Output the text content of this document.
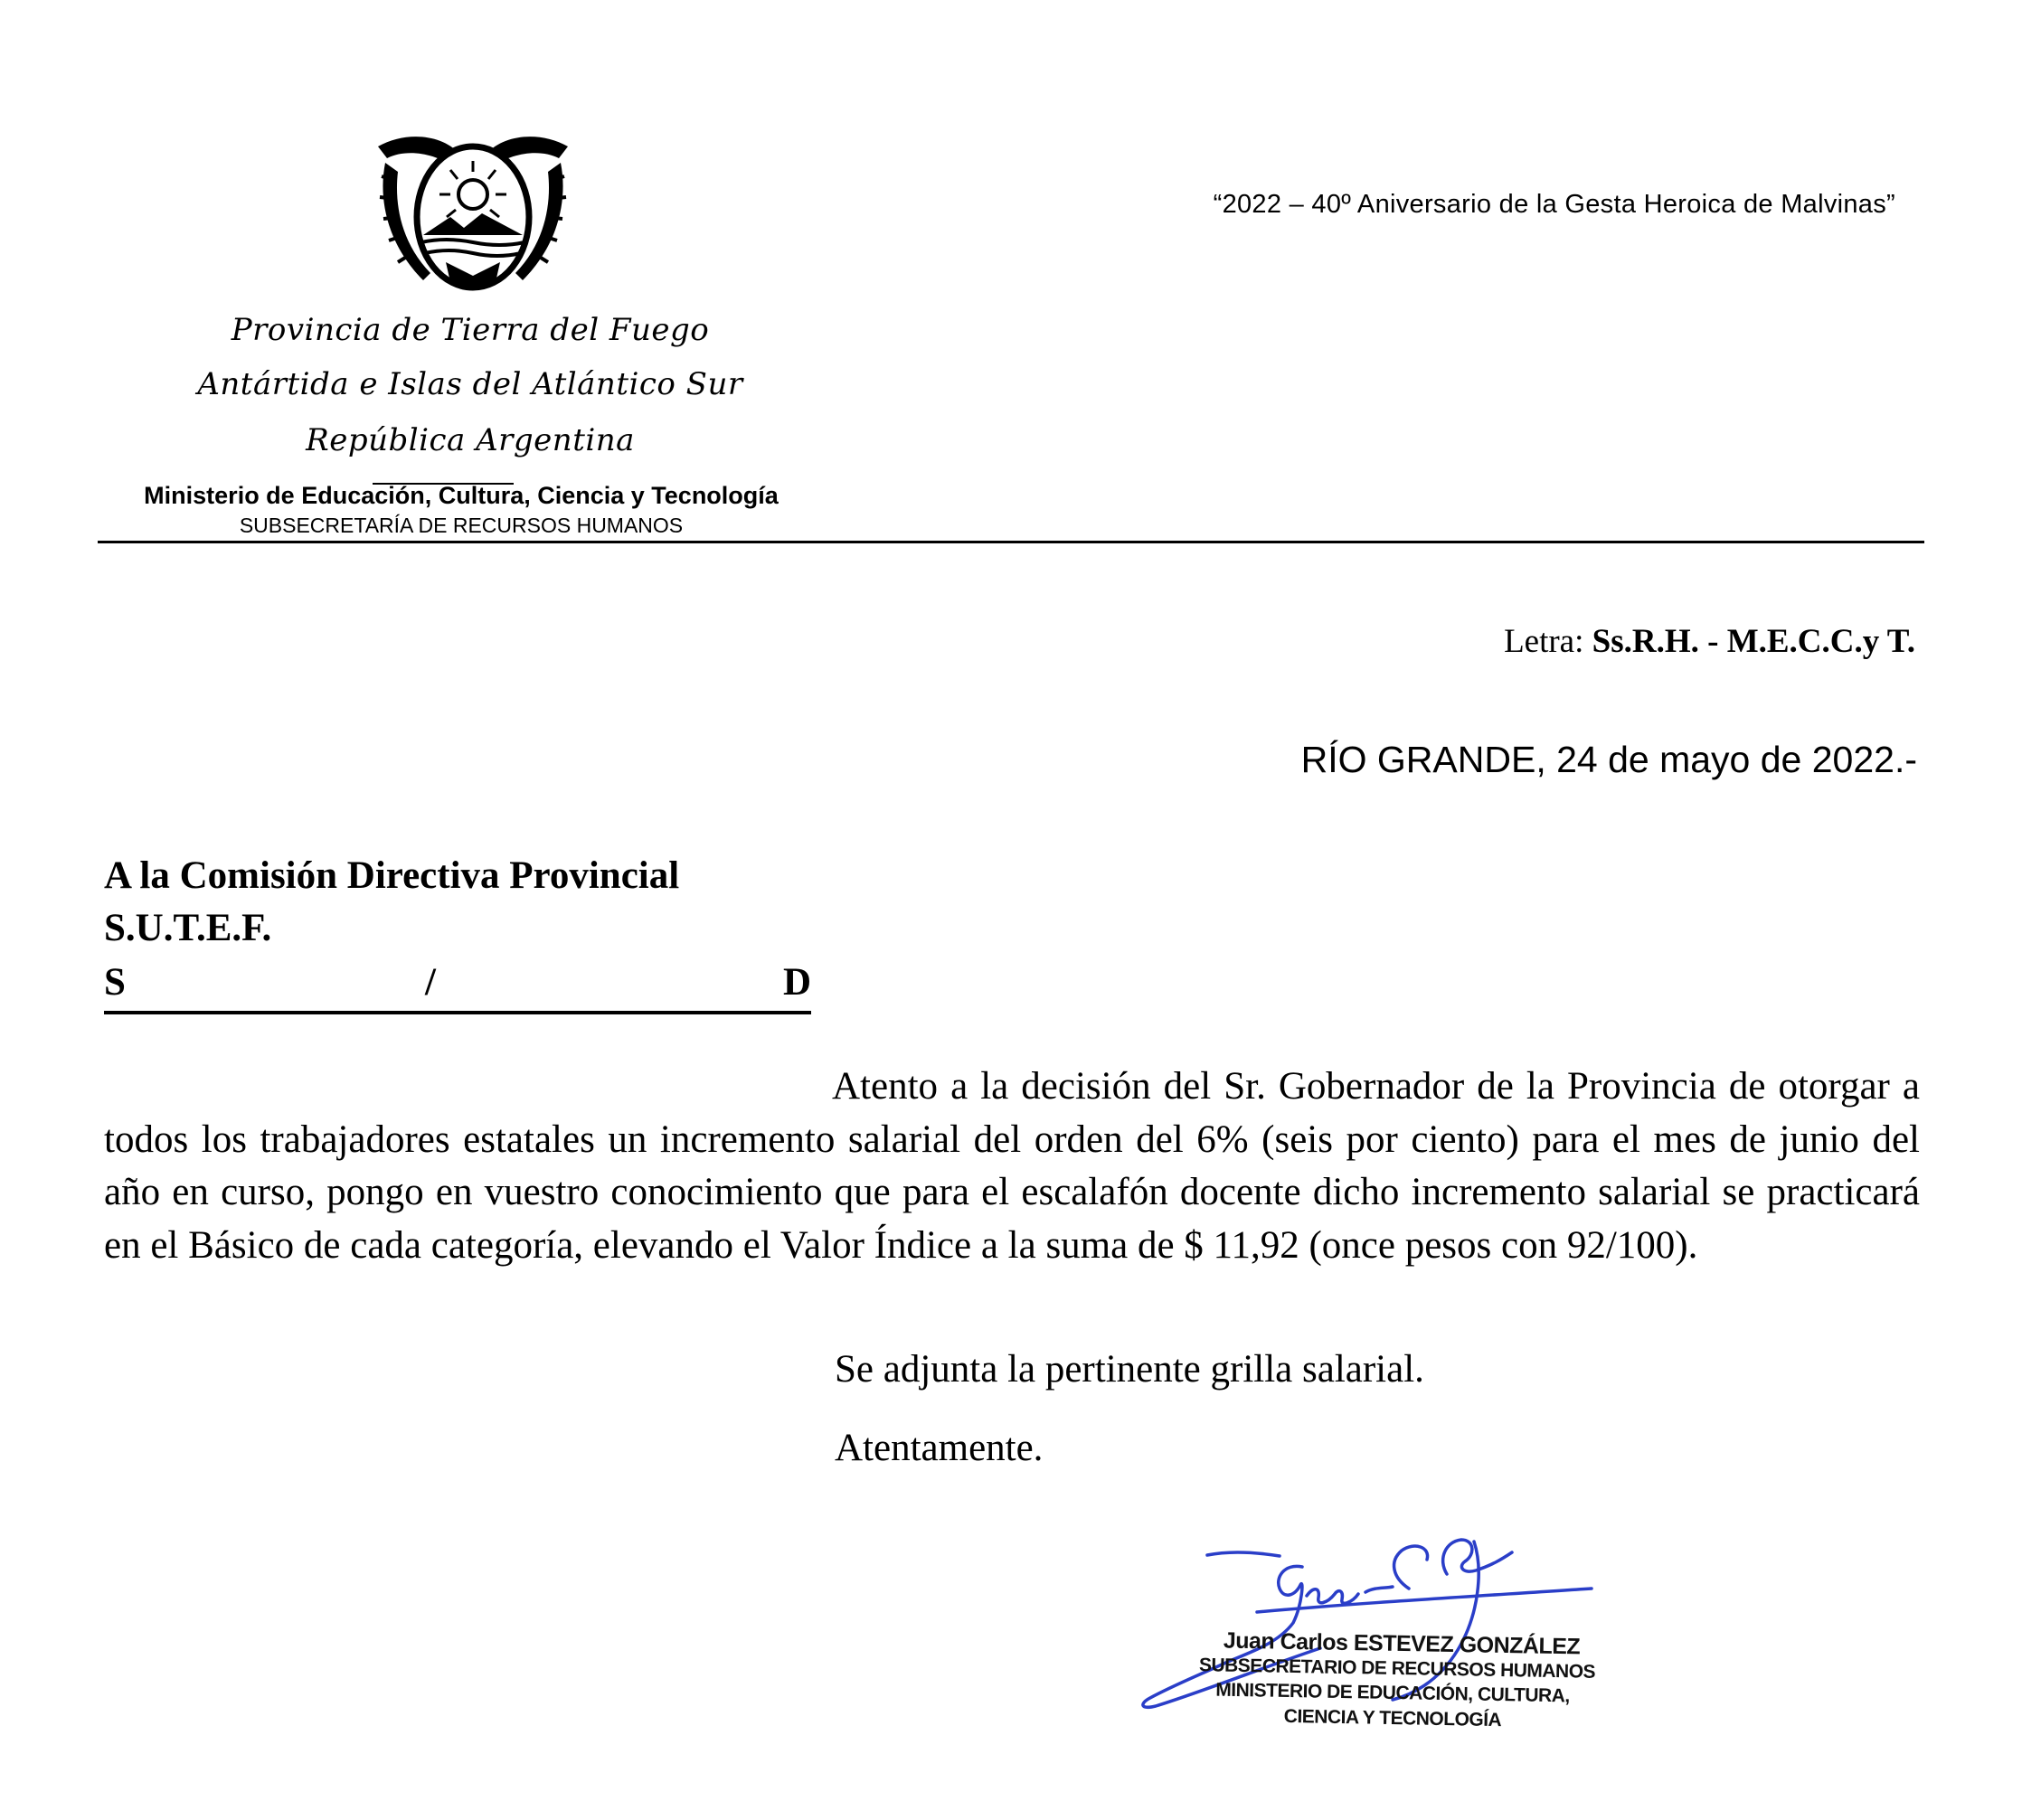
Provincia de Tierra del Fuego
Antártida e Islas del Atlántico Sur
República Argentina
Ministerio de Educación, Cultura, Ciencia y Tecnología
SUBSECRETARÍA DE RECURSOS HUMANOS
“2022 – 40º Aniversario de la Gesta Heroica de Malvinas”
Letra: Ss.R.H. - M.E.C.C.y T.
RÍO GRANDE, 24 de mayo de 2022.-
A la Comisión Directiva Provincial
S.U.T.E.F.
S	/	D

Atento a la decisión del Sr. Gobernador de la Provincia de otorgar a todos los trabajadores estatales un incremento salarial del orden del 6% (seis por ciento) para el mes de junio del año en curso, pongo en vuestro conocimiento que para el escalafón docente dicho incremento salarial se practicará en el Básico de cada categoría, elevando el Valor Índice a la suma de $ 11,92 (once pesos con 92/100).

Se adjunta la pertinente grilla salarial.
Atentamente.
Juan Carlos ESTEVEZ GONZÁLEZ
SUBSECRETARIO DE RECURSOS HUMANOS
MINISTERIO DE EDUCACIÓN, CULTURA,
CIENCIA Y TECNOLOGÍA
